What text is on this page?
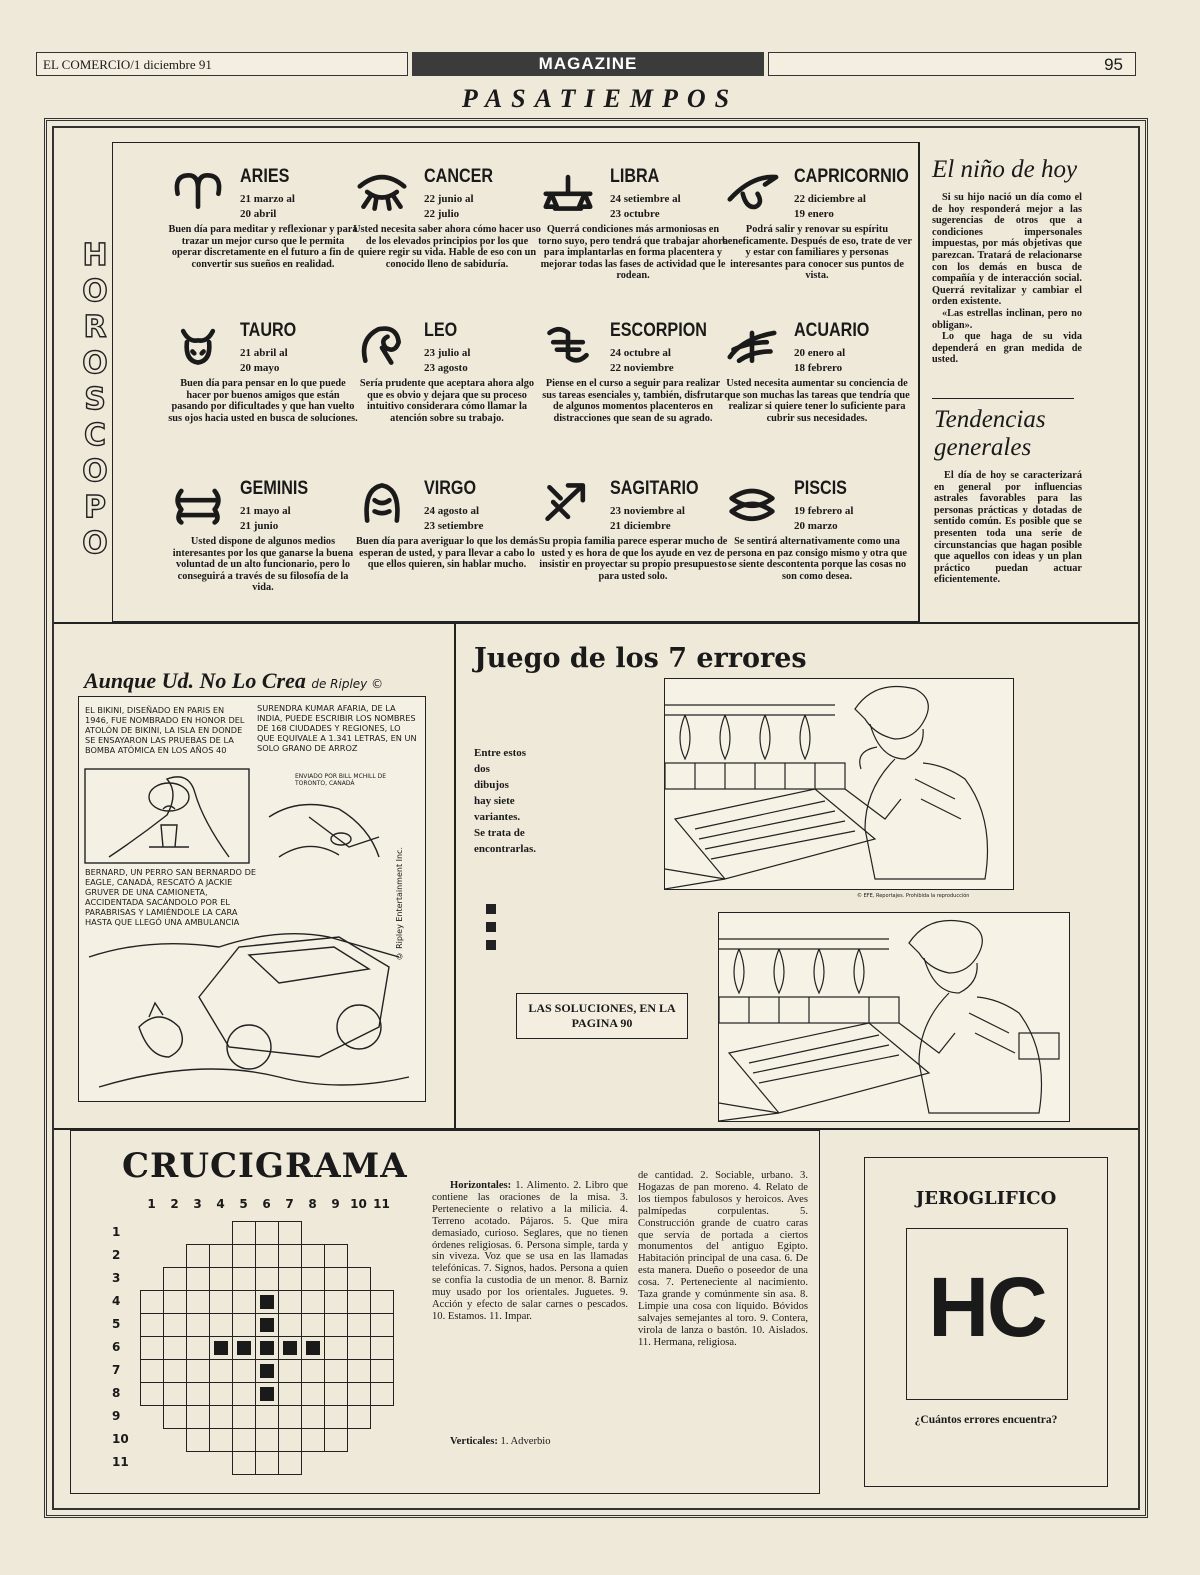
EL COMERCIO/1 diciembre 91	MAGAZINE	95
PASATIEMPOS
H
O
R
O
S
C
O
P
O
ARIES
21 marzo al
20 abril
Buen día para meditar y reflexionar y para trazar un mejor curso que le permita operar discretamente en el futuro a fin de convertir sus sueños en realidad.
CANCER
22 junio al
22 julio
Usted necesita saber ahora cómo hacer uso de los elevados principios por los que quiere regir su vida. Hable de eso con un conocido lleno de sabiduría.
LIBRA
24 setiembre al
23 octubre
Querrá condiciones más armoniosas en torno suyo, pero tendrá que trabajar ahora para implantarlas en forma placentera y mejorar todas las fases de actividad que le rodean.
CAPRICORNIO
22 diciembre al
19 enero
Podrá salir y renovar su espíritu beneficamente. Después de eso, trate de ver y estar con familiares y personas interesantes para conocer sus puntos de vista.
TAURO
21 abril al
20 mayo
Buen día para pensar en lo que puede hacer por buenos amigos que están pasando por dificultades y que han vuelto sus ojos hacia usted en busca de soluciones.
LEO
23 julio al
23 agosto
Sería prudente que aceptara ahora algo que es obvio y dejara que su proceso intuitivo considerara cómo llamar la atención sobre su trabajo.
ESCORPION
24 octubre al
22 noviembre
Piense en el curso a seguir para realizar sus tareas esenciales y, también, disfrutar de algunos momentos placenteros en distracciones que sean de su agrado.
ACUARIO
20 enero al
18 febrero
Usted necesita aumentar su conciencia de que son muchas las tareas que tendría que realizar si quiere tener lo suficiente para cubrir sus necesidades.
GEMINIS
21 mayo al
21 junio
Usted dispone de algunos medios interesantes por los que ganarse la buena voluntad de un alto funcionario, pero lo conseguirá a través de su filosofía de la vida.
VIRGO
24 agosto al
23 setiembre
Buen día para averiguar lo que los demás esperan de usted, y para llevar a cabo lo que ellos quieren, sin hablar mucho.
SAGITARIO
23 noviembre al
21 diciembre
Su propia familia parece esperar mucho de usted y es hora de que los ayude en vez de insistir en proyectar su propio presupuesto para usted solo.
PISCIS
19 febrero al
20 marzo
Se sentirá alternativamente como una persona en paz consigo mismo y otra que se siente descontenta porque las cosas no son como desea.
El niño de hoy
Si su hijo nació un día como el de hoy responderá mejor a las sugerencias de otros que a condiciones impersonales impuestas, por más objetivas que parezcan. Tratará de relacionarse con los demás en busca de compañía y de interacción social. Querrá revitalizar y cambiar el orden existente.
«Las estrellas inclinan, pero no obligan».
Lo que haga de su vida dependerá en gran medida de usted.
Tendencias generales
El día de hoy se caracterizará en general por influencias astrales favorables para las personas prácticas y dotadas de sentido común. Es posible que se presenten toda una serie de circunstancias que hagan posible que aquellos con ideas y un plan práctico puedan actuar eficientemente.
Aunque Ud. No Lo Crea de Ripley ©
EL BIKINI, DISEÑADO EN PARIS EN 1946, FUE NOMBRADO EN HONOR DEL ATOLÓN DE BIKINI, LA ISLA EN DONDE SE ENSAYARON LAS PRUEBAS DE LA BOMBA ATÓMICA EN LOS AÑOS 40
SURENDRA KUMAR AFARIA, DE LA INDIA, PUEDE ESCRIBIR LOS NOMBRES DE 168 CIUDADES Y REGIONES, LO QUE EQUIVALE A 1.341 LETRAS, EN UN SOLO GRANO DE ARROZ
ENVIADO POR BILL MCHILL DE TORONTO, CANADÁ
BERNARD, UN PERRO SAN BERNARDO DE EAGLE, CANADÁ, RESCATÓ A JACKIE GRUVER DE UNA CAMIONETA, ACCIDENTADA SACÁNDOLO POR EL PARABRISAS Y LAMIÉNDOLE LA CARA HASTA QUE LLEGÓ UNA AMBULANCIA	© Ripley Entertainment Inc.
Juego de los 7 errores
Entre estos
dos
dibujos
hay siete
variantes.
Se trata de
encontrarlas.
LAS SOLUCIONES, EN LA PAGINA 90
© EFE, Reportajes. Prohibida la reproducción
CRUCIGRAMA
1	2	3	4	5	6	7	8	9 10 11
1
2
3
4
5
6
7
8
9
10
11
Horizontales: 1. Alimento. 2. Libro que contiene las oraciones de la misa. 3. Perteneciente o relativo a la milicia. 4. Terreno acotado. Pájaros. 5. Que mira demasiado, curioso. Seglares, que no tienen órdenes religiosas. 6. Persona simple, tarda y sin viveza. Voz que se usa en las llamadas telefónicas. 7. Signos, hados. Persona a quien se confía la custodia de un menor. 8. Barniz muy usado por los orientales. Juguetes. 9. Acción y efecto de salar carnes o pescados. 10. Estamos. 11. Impar.
Verticales: 1. Adverbio
de cantidad. 2. Sociable, urbano. 3. Hogazas de pan moreno. 4. Relato de los tiempos fabulosos y heroicos. Aves palmípedas corpulentas. 5. Construcción grande de cuatro caras que servía de portada a ciertos monumentos del antiguo Egipto. Habitación principal de una casa. 6. De esta manera. Dueño o poseedor de una cosa. 7. Perteneciente al nacimiento. Taza grande y comúnmente sin asa. 8. Limpie una cosa con líquido. Bóvidos salvajes semejantes al toro. 9. Contera, virola de lanza o bastón. 10. Aislados. 11. Hermana, religiosa.
JEROGLIFICO
HC
¿Cuántos errores encuentra?
